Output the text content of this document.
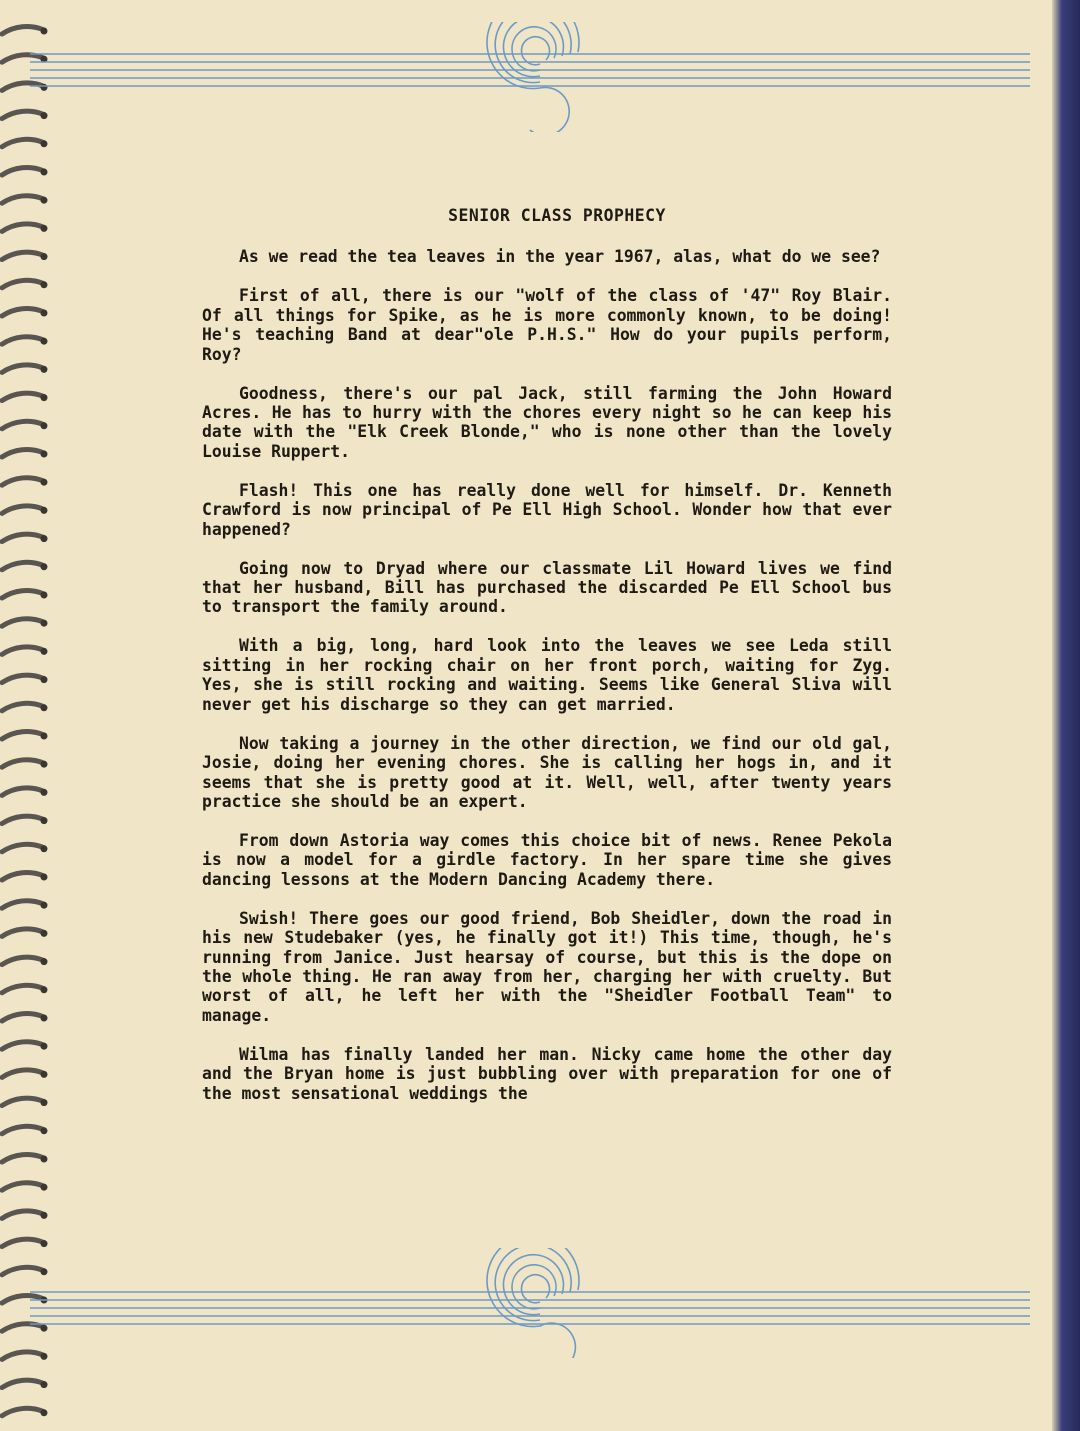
SENIOR CLASS PROPHECY

As we read the tea leaves in the year 1967, alas, what do we see?

First of all, there is our "wolf of the class of '47" Roy Blair. Of all things for Spike, as he is more commonly known, to be doing! He's teaching Band at dear"ole P.H.S." How do your pupils perform, Roy?

Goodness, there's our pal Jack, still farming the John Howard Acres. He has to hurry with the chores every night so he can keep his date with the "Elk Creek Blonde," who is none other than the lovely Louise Ruppert.

Flash! This one has really done well for himself. Dr. Kenneth Crawford is now principal of Pe Ell High School. Wonder how that ever happened?

Going now to Dryad where our classmate Lil Howard lives we find that her husband, Bill has purchased the discarded Pe Ell School bus to transport the family around.

With a big, long, hard look into the leaves we see Leda still sitting in her rocking chair on her front porch, waiting for Zyg. Yes, she is still rocking and waiting. Seems like General Sliva will never get his discharge so they can get married.

Now taking a journey in the other direction, we find our old gal, Josie, doing her evening chores. She is calling her hogs in, and it seems that she is pretty good at it. Well, well, after twenty years practice she should be an expert.

From down Astoria way comes this choice bit of news. Renee Pekola is now a model for a girdle factory. In her spare time she gives dancing lessons at the Modern Dancing Academy there.

Swish! There goes our good friend, Bob Sheidler, down the road in his new Studebaker (yes, he finally got it!) This time, though, he's running from Janice. Just hearsay of course, but this is the dope on the whole thing. He ran away from her, charging her with cruelty. But worst of all, he left her with the "Sheidler Football Team" to manage.

Wilma has finally landed her man. Nicky came home the other day and the Bryan home is just bubbling over with preparation for one of the most sensational weddings the
